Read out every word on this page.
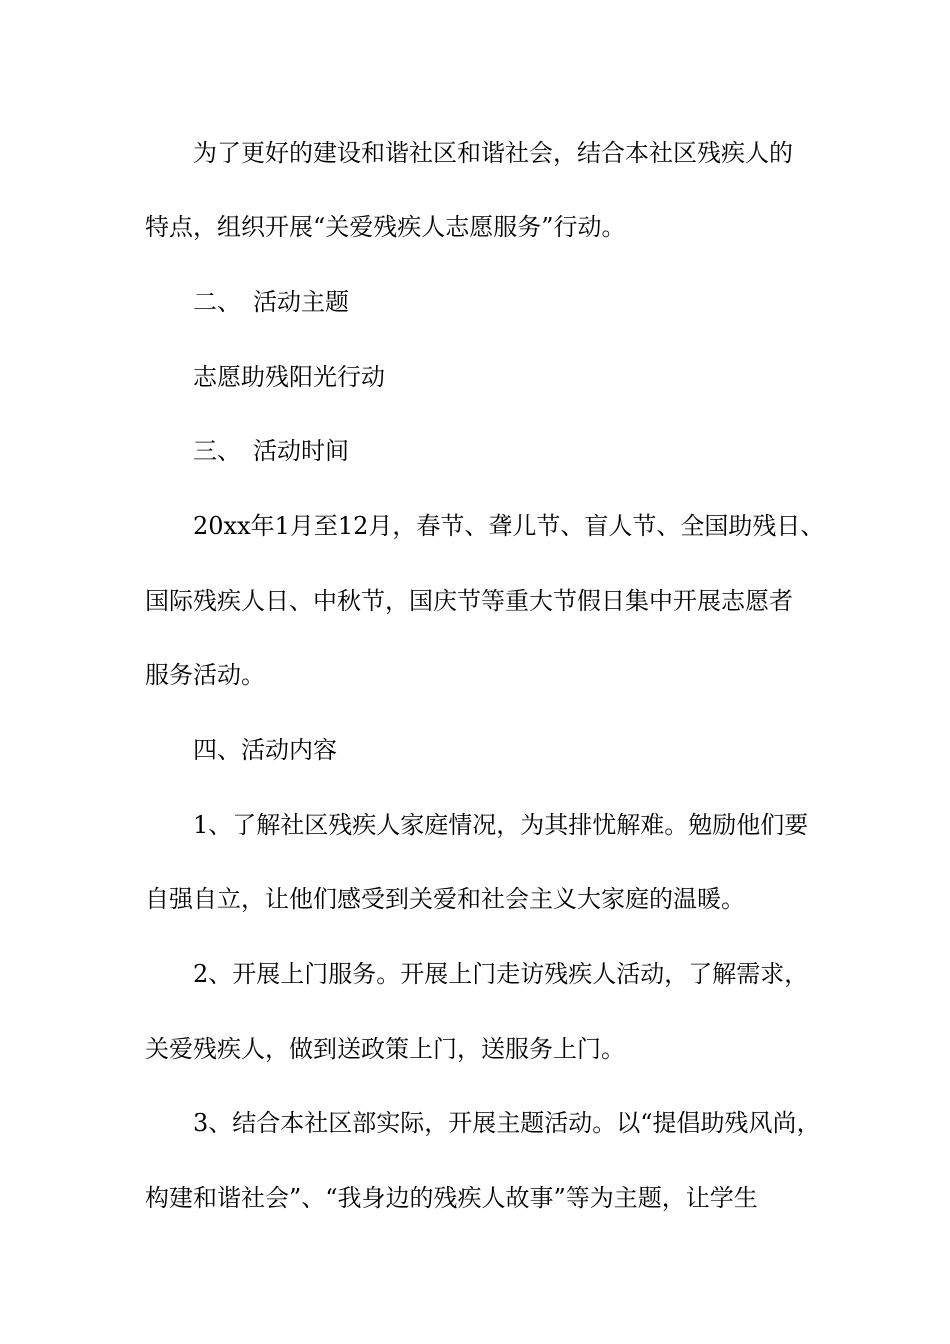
为了更好的建设和谐社区和谐社会，结合本社区残疾人的
特点，组织开展“关爱残疾人志愿服务”行动。
二、 活动主题
志愿助残阳光行动
三、 活动时间
20xx年1月至12月，春节、聋儿节、盲人节、全国助残日、
国际残疾人日、中秋节，国庆节等重大节假日集中开展志愿者
服务活动。
四、活动内容
1、了解社区残疾人家庭情况，为其排忧解难。勉励他们要
自强自立，让他们感受到关爱和社会主义大家庭的温暖。
2、开展上门服务。开展上门走访残疾人活动，了解需求，
关爱残疾人，做到送政策上门，送服务上门。
3、结合本社区部实际，开展主题活动。以“提倡助残风尚，
构建和谐社会”、“我身边的残疾人故事”等为主题，让学生
